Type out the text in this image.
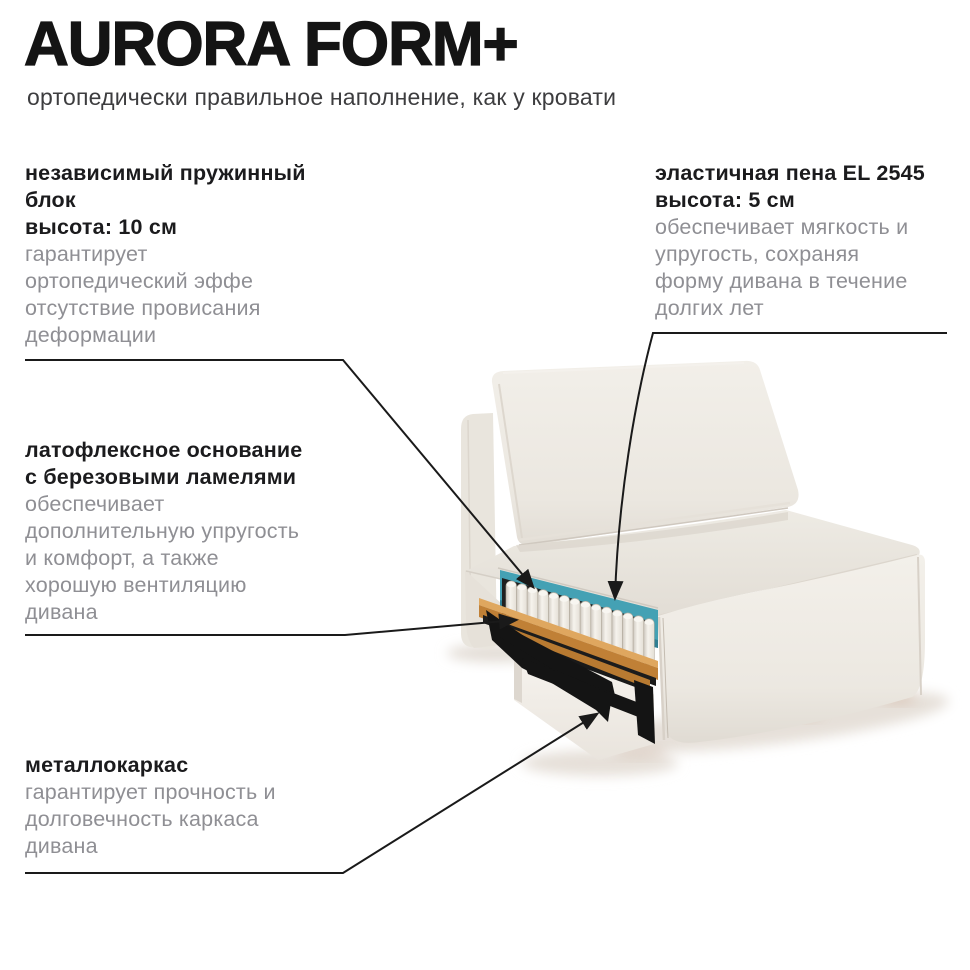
AURORA FORM+
ортопедически правильное наполнение, как у кровати
независимый пружинный
блок
высота: 10 см
гарантирует
ортопедический эффе
отсутствие провисания
деформации
эластичная пена EL 2545
высота: 5 см
обеспечивает мягкость и
упругость, сохраняя
форму дивана в течение
долгих лет
латофлексное основание
с березовыми ламелями
обеспечивает
дополнительную упругость
и комфорт, а также
хорошую вентиляцию
дивана
металлокаркас
гарантирует прочность и
долговечность каркаса
дивана
